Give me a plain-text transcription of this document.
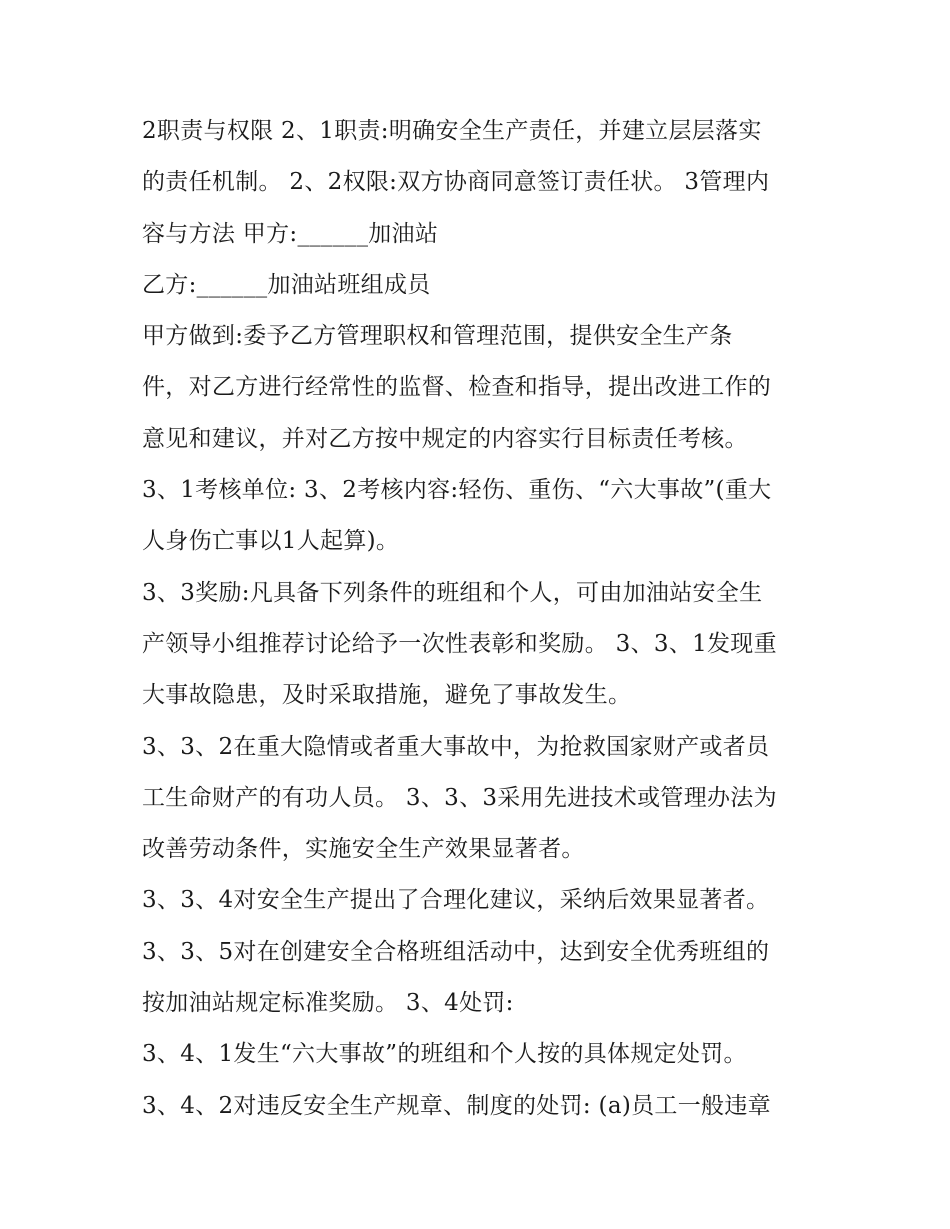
2职责与权限 2、1职责:明确安全生产责任，并建立层层落实

的责任机制。 2、2权限:双方协商同意签订责任状。 3管理内

容与方法 甲方:______加油站

乙方:______加油站班组成员

甲方做到:委予乙方管理职权和管理范围，提供安全生产条

件，对乙方进行经常性的监督、检查和指导，提出改进工作的

意见和建议，并对乙方按中规定的内容实行目标责任考核。

3、1考核单位: 3、2考核内容:轻伤、重伤、“六大事故”(重大

人身伤亡事以1人起算)。

3、3奖励:凡具备下列条件的班组和个人，可由加油站安全生

产领导小组推荐讨论给予一次性表彰和奖励。 3、3、1发现重

大事故隐患，及时采取措施，避免了事故发生。

3、3、2在重大隐情或者重大事故中，为抢救国家财产或者员

工生命财产的有功人员。 3、3、3采用先进技术或管理办法为

改善劳动条件，实施安全生产效果显著者。

3、3、4对安全生产提出了合理化建议，采纳后效果显著者。

3、3、5对在创建安全合格班组活动中，达到安全优秀班组的

按加油站规定标准奖励。 3、4处罚:

3、4、1发生“六大事故”的班组和个人按的具体规定处罚。

3、4、2对违反安全生产规章、制度的处罚: (a)员工一般违章
